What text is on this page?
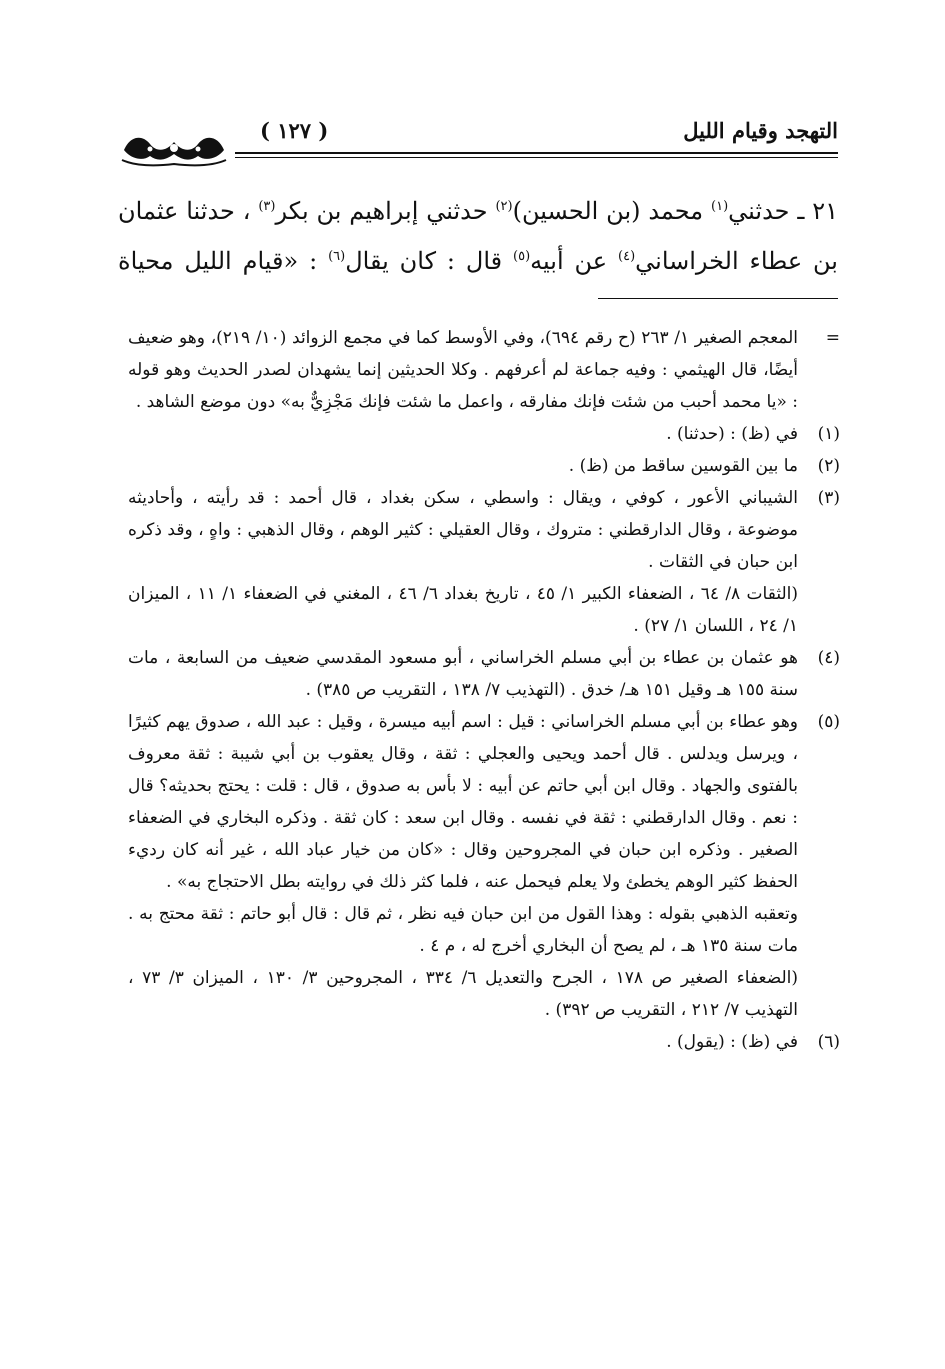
( ١٢٧ )	التهجد وقيام الليل

٢١ ـ حدثني$^{(١)}$ محمد (بن الحسين)$^{(٢)}$ حدثني إبراهيم بن بكر$^{(٣)}$ ، حدثنا عثمان بن عطاء الخراساني$^{(٤)}$ عن أبيه$^{(٥)}$ قال : كان يقال$^{(٦)}$ : «قيام الليل محياة

=
المعجم الصغير ١/ ٢٦٣ (ح رقم ٦٩٤)، وفي الأوسط كما في مجمع الزوائد (١٠/ ٢١٩)، وهو ضعيف أيضًا، قال الهيثمي : وفيه جماعة لم أعرفهم . وكلا الحديثين إنما يشهدان لصدر الحديث وهو قوله : «يا محمد أحبب من شئت فإنك مفارقه ، واعمل ما شئت فإنك مَجْزِيٌّ به» دون موضع الشاهد .
(١)
في (ظ) : (حدثنا) .
(٢)
ما بين القوسين ساقط من (ظ) .
(٣)
الشيباني الأعور ، كوفي ، ويقال : واسطي ، سكن بغداد ، قال أحمد : قد رأيته ، وأحاديثه موضوعة ، وقال الدارقطني : متروك ، وقال العقيلي : كثير الوهم ، وقال الذهبي : واهٍ ، وقد ذكره ابن حبان في الثقات .
(الثقات ٨/ ٦٤ ، الضعفاء الكبير ١/ ٤٥ ، تاريخ بغداد ٦/ ٤٦ ، المغني في الضعفاء ١/ ١١ ، الميزان ١/ ٢٤ ، اللسان ١/ ٢٧) .
(٤)
هو عثمان بن عطاء بن أبي مسلم الخراساني ، أبو مسعود المقدسي ضعيف من السابعة ، مات سنة ١٥٥ هـ وقيل ١٥١ هـ/ خدق . (التهذيب ٧/ ١٣٨ ، التقريب ص ٣٨٥) .
(٥)
وهو عطاء بن أبي مسلم الخراساني : قيل : اسم أبيه ميسرة ، وقيل : عبد الله ، صدوق يهم كثيرًا ، ويرسل ويدلس . قال أحمد ويحيى والعجلي : ثقة ، وقال يعقوب بن أبي شيبة : ثقة معروف بالفتوى والجهاد . وقال ابن أبي حاتم عن أبيه : لا بأس به صدوق ، قال : قلت : يحتج بحديثه؟ قال : نعم . وقال الدارقطني : ثقة في نفسه . وقال ابن سعد : كان ثقة . وذكره البخاري في الضعفاء الصغير . وذكره ابن حبان في المجروحين وقال : «كان من خيار عباد الله ، غير أنه كان رديء الحفظ كثير الوهم يخطئ ولا يعلم فيحمل عنه ، فلما كثر ذلك في روايته بطل الاحتجاج به» .
وتعقبه الذهبي بقوله : وهذا القول من ابن حبان فيه نظر ، ثم قال : قال أبو حاتم : ثقة محتج به . مات سنة ١٣٥ هـ ، لم يصح أن البخاري أخرج له ، م ٤ .
(الضعفاء الصغير ص ١٧٨ ، الجرح والتعديل ٦/ ٣٣٤ ، المجروحين ٣/ ١٣٠ ، الميزان ٣/ ٧٣ ، التهذيب ٧/ ٢١٢ ، التقريب ص ٣٩٢) .
(٦)
في (ظ) : (يقول) .
